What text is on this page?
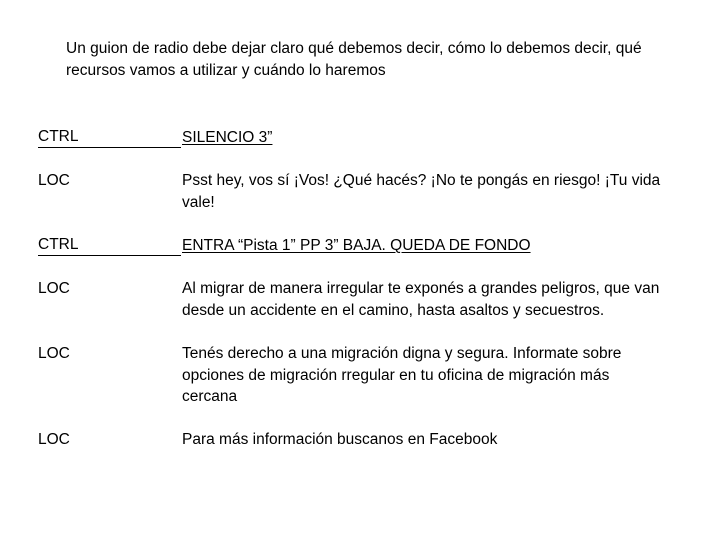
Un guion de radio debe dejar claro qué debemos decir, cómo lo debemos decir, qué recursos vamos a utilizar y cuándo lo haremos
CTRL	SILENCIO 3”
LOC	Psst hey, vos sí ¡Vos! ¿Qué hacés? ¡No te pongás en riesgo! ¡Tu vida vale!
CTRL	ENTRA “Pista 1” PP 3” BAJA. QUEDA DE FONDO
LOC	Al migrar de manera irregular te exponés a grandes peligros, que van desde un accidente en el camino, hasta asaltos y secuestros.
LOC	Tenés derecho a una migración digna y segura. Informate sobre opciones de migración rregular en tu oficina de migración más cercana
LOC	Para más información buscanos en Facebook
